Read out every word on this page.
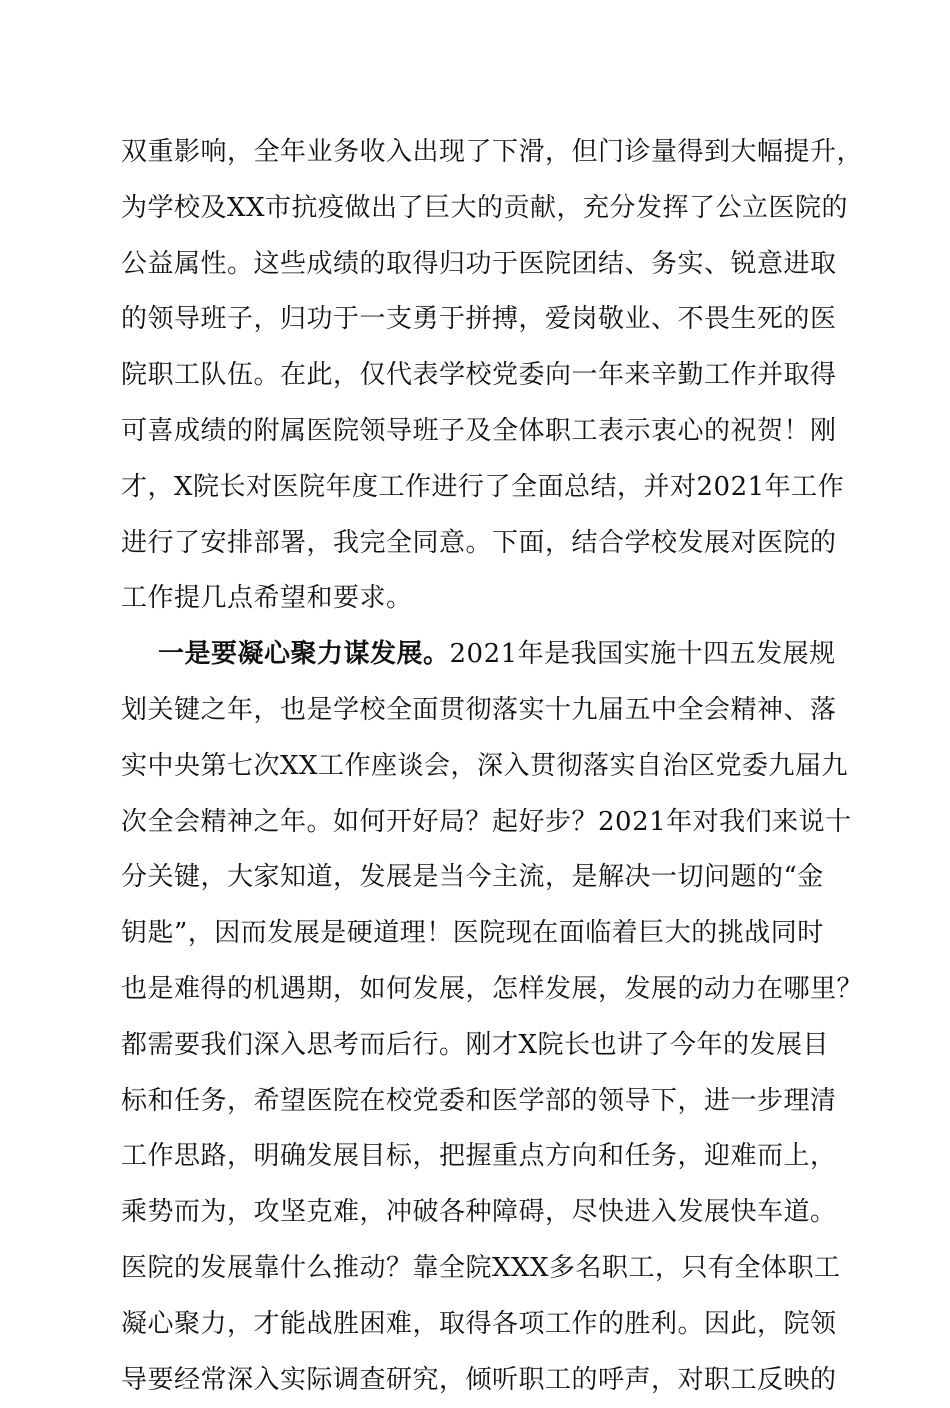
双重影响，全年业务收入出现了下滑，但门诊量得到大幅提升，
为学校及XX市抗疫做出了巨大的贡献，充分发挥了公立医院的
公益属性。这些成绩的取得归功于医院团结、务实、锐意进取
的领导班子，归功于一支勇于拼搏，爱岗敬业、不畏生死的医
院职工队伍。在此，仅代表学校党委向一年来辛勤工作并取得
可喜成绩的附属医院领导班子及全体职工表示衷心的祝贺！刚
才，X院长对医院年度工作进行了全面总结，并对2021年工作
进行了安排部署，我完全同意。下面，结合学校发展对医院的
工作提几点希望和要求。
一是要凝心聚力谋发展。2021年是我国实施十四五发展规
划关键之年，也是学校全面贯彻落实十九届五中全会精神、落
实中央第七次XX工作座谈会，深入贯彻落实自治区党委九届九
次全会精神之年。如何开好局？起好步？2021年对我们来说十
分关键，大家知道，发展是当今主流，是解决一切问题的“金
钥匙”，因而发展是硬道理！医院现在面临着巨大的挑战同时
也是难得的机遇期，如何发展，怎样发展，发展的动力在哪里？
都需要我们深入思考而后行。刚才X院长也讲了今年的发展目
标和任务，希望医院在校党委和医学部的领导下，进一步理清
工作思路，明确发展目标，把握重点方向和任务，迎难而上，
乘势而为，攻坚克难，冲破各种障碍，尽快进入发展快车道。
医院的发展靠什么推动？靠全院XXX多名职工，只有全体职工
凝心聚力，才能战胜困难，取得各项工作的胜利。因此，院领
导要经常深入实际调查研究，倾听职工的呼声，对职工反映的
